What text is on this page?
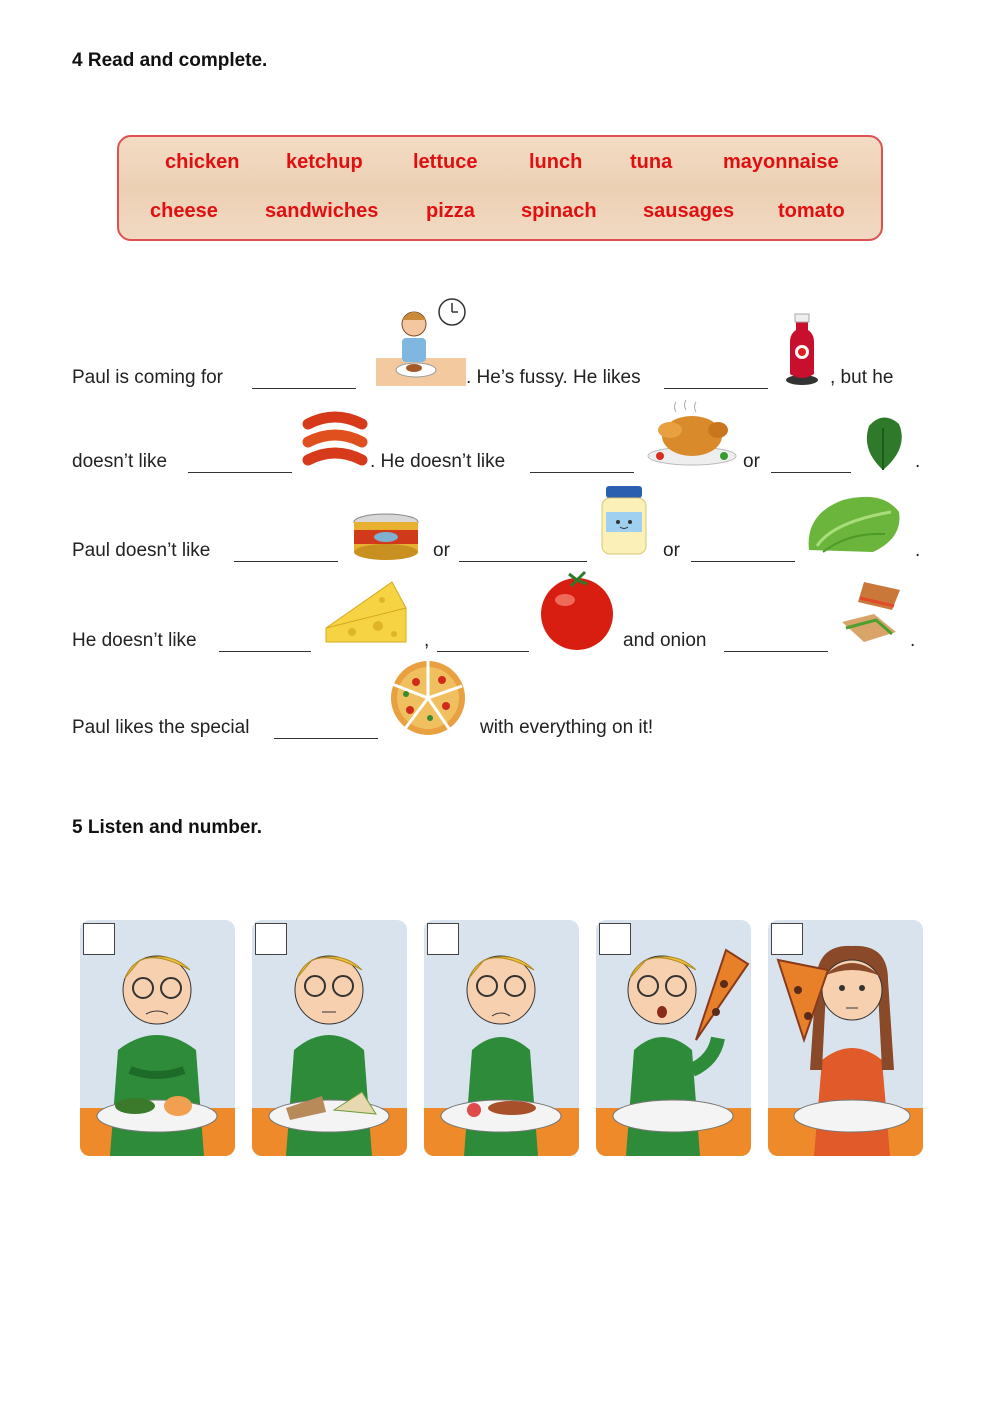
4 Read and complete.
chicken ketchup	lettuce	lunch tuna	mayonnaise
cheese sandwiches pizza spinach sausages tomato
Paul is coming for	. He’s fussy. He likes	, but he
doesn’t like	. He doesn’t like	or	.
Paul doesn’t like	or	or	.
He doesn’t like	,	and onion	.
Paul likes the special	with everything on it!
5 Listen and number.
